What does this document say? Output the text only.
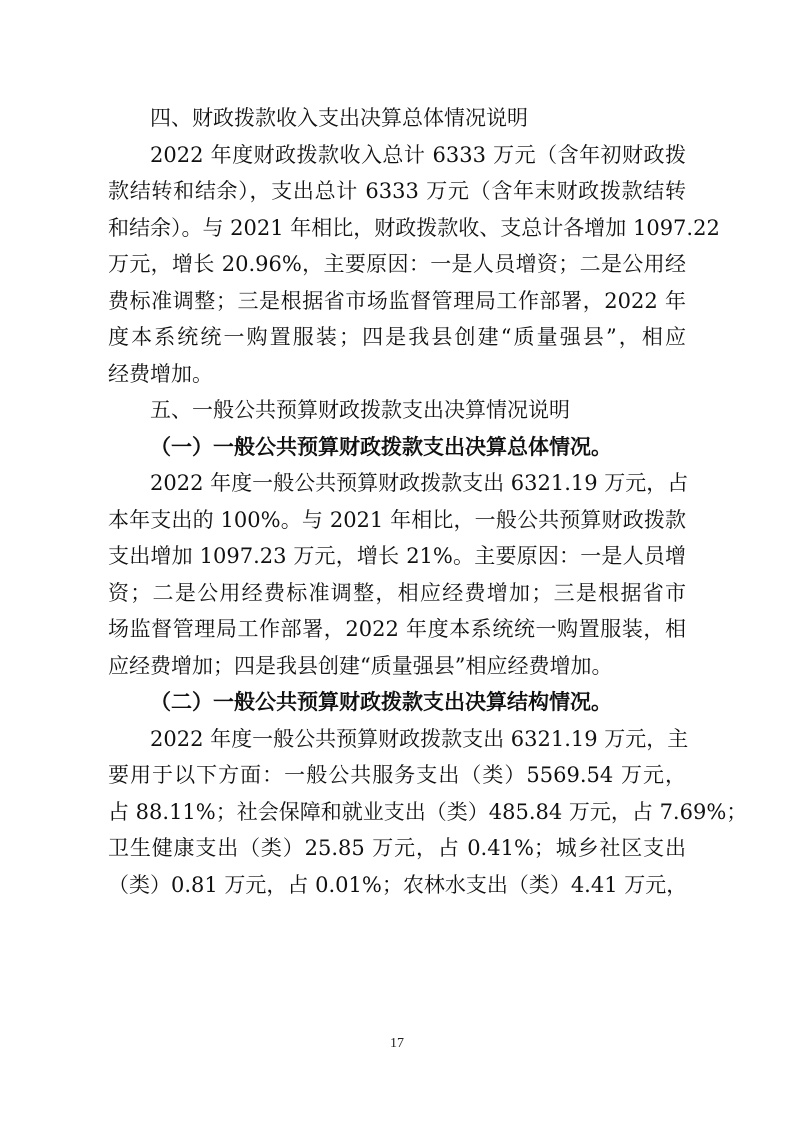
四、财政拨款收入支出决算总体情况说明
2022 年度财政拨款收入总计 6333 万元（含年初财政拨
款结转和结余），支出总计 6333 万元（含年末财政拨款结转
和结余）。与 2021 年相比，财政拨款收、支总计各增加 1097.22
万元，增长 20.96%，主要原因：一是人员增资；二是公用经
费标准调整；三是根据省市场监督管理局工作部署，2022 年
度本系统统一购置服装；四是我县创建“质量强县”，相应
经费增加。
五、一般公共预算财政拨款支出决算情况说明
（一）一般公共预算财政拨款支出决算总体情况。
2022 年度一般公共预算财政拨款支出 6321.19 万元，占
本年支出的 100%。与 2021 年相比，一般公共预算财政拨款
支出增加 1097.23 万元，增长 21%。主要原因：一是人员增
资；二是公用经费标准调整，相应经费增加；三是根据省市
场监督管理局工作部署，2022 年度本系统统一购置服装，相
应经费增加；四是我县创建“质量强县”相应经费增加。
（二）一般公共预算财政拨款支出决算结构情况。
2022 年度一般公共预算财政拨款支出 6321.19 万元，主
要用于以下方面：一般公共服务支出（类）5569.54 万元，
占 88.11%；社会保障和就业支出（类）485.84 万元，占 7.69%；
卫生健康支出（类）25.85 万元，占 0.41%；城乡社区支出
（类）0.81 万元，占 0.01%；农林水支出（类）4.41 万元，
17
